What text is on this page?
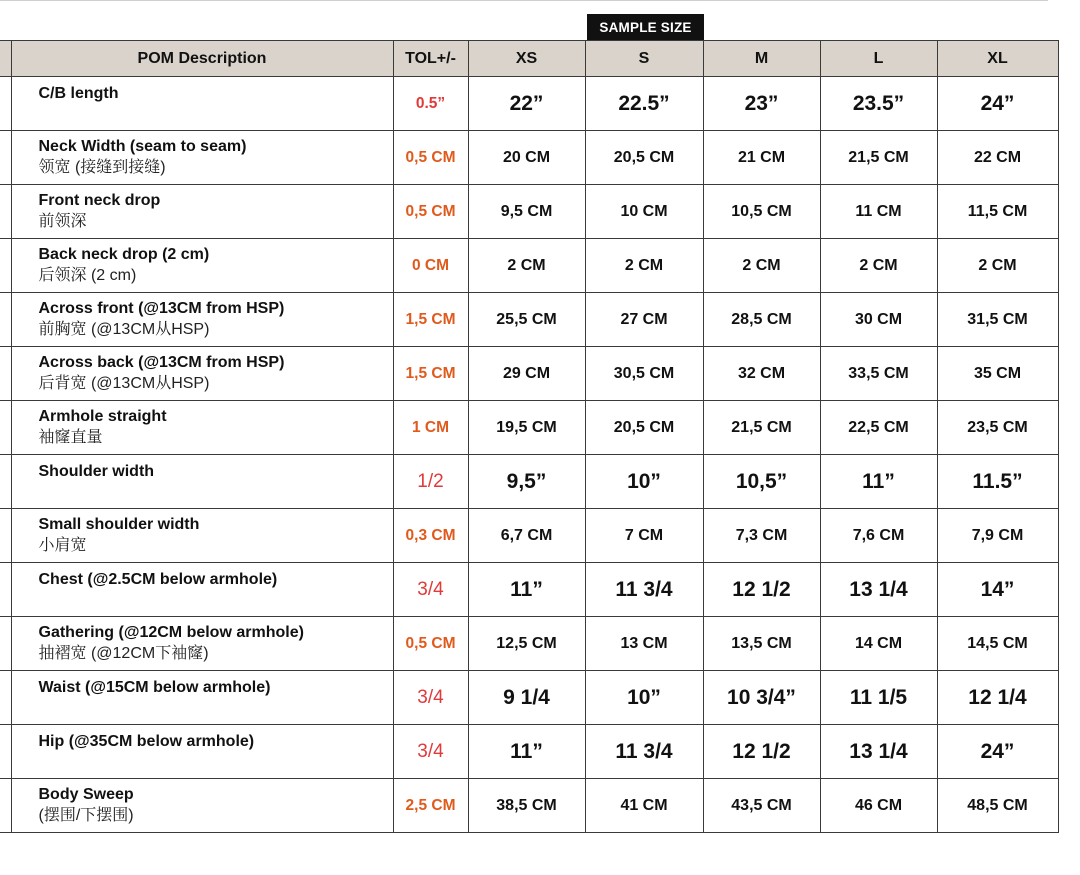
SAMPLE SIZE
	POM Description	TOL+/-	XS	S	M	L	XL

	C/B length	0.5”	22”	22.5”	23”	23.5”	24”

	Neck Width (seam to seam)
领宽 (接缝到接缝)	0,5 CM	20 CM	20,5 CM	21 CM	21,5 CM	22 CM

	Front neck drop
前领深	0,5 CM	9,5 CM	10 CM	10,5 CM	11 CM	11,5 CM

	Back neck drop (2 cm)
后领深 (2 cm)	0 CM	2 CM	2 CM	2 CM	2 CM	2 CM

	Across front (@13CM from HSP)
前胸宽 (@13CM从HSP)	1,5 CM	25,5 CM	27 CM	28,5 CM	30 CM	31,5 CM

	Across back (@13CM from HSP)
后背宽 (@13CM从HSP)	1,5 CM	29 CM	30,5 CM	32 CM	33,5 CM	35 CM

	Armhole straight
袖窿直量	1 CM	19,5 CM	20,5 CM	21,5 CM	22,5 CM	23,5 CM

	Shoulder width	1/2	9,5”	10”	10,5”	11”	11.5”

	Small shoulder width
小肩宽	0,3 CM	6,7 CM	7 CM	7,3 CM	7,6 CM	7,9 CM

	Chest (@2.5CM below armhole)	3/4	11”	11 3/4	12 1/2	13 1/4	14”

	Gathering (@12CM below armhole)
抽褶宽 (@12CM下袖窿)	0,5 CM	12,5 CM	13 CM	13,5 CM	14 CM	14,5 CM

	Waist (@15CM below armhole)	3/4	9 1/4	10”	10 3/4”	11 1/5	12 1/4

	Hip (@35CM below armhole)	3/4	11”	11 3/4	12 1/2	13 1/4	24”

	Body Sweep
(摆围/下摆围)	2,5 CM	38,5 CM	41 CM	43,5 CM	46 CM	48,5 CM
